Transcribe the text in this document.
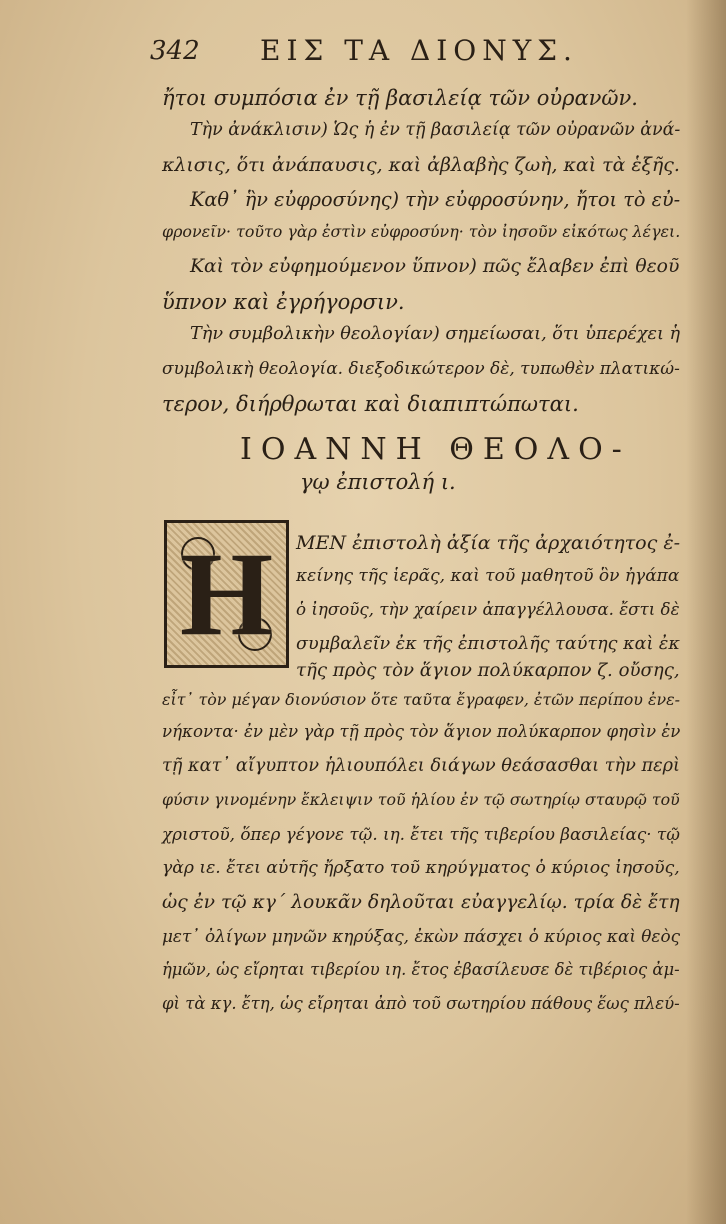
342 ΕΙΣ ΤΑ ΔΙΟΝΥΣ.
ἤτοι συμπόσια ἐν τῇ βασιλείᾳ τῶν οὐρανῶν.
Τὴν ἀνάκλισιν) Ὡς ἡ ἐν τῇ βασιλείᾳ τῶν οὐρανῶν ἀνά-
κλισις, ὅτι ἀνάπαυσις, καὶ ἀβλαβὴς ζωὴ, καὶ τὰ ἑξῆς.
Καθ᾽ ἣν εὐφροσύνης) τὴν εὐφροσύνην, ἤτοι τὸ εὐ-
φρονεῖν· τοῦτο γὰρ ἐστὶν εὐφροσύνη· τὸν ἰησοῦν εἰκότως λέγει.
Καὶ τὸν εὐφημούμενον ὕπνον) πῶς ἔλαβεν ἐπὶ θεοῦ
ὕπνον καὶ ἐγρήγορσιν.
Τὴν συμβολικὴν θεολογίαν) σημείωσαι, ὅτι ὑπερέχει ἡ
συμβολικὴ θεολογία. διεξοδικώτερον δὲ, τυπωθὲν πλατικώ-
τερον, διήρθρωται καὶ διαπιπτώπωται.
ΙΟΑΝΝΗ ΘΕΟΛΟ-
γῳ ἐπιστολή ι.
Η	ΜΕΝ ἐπιστολὴ ἀξία τῆς ἀρχαιότητος ἐ-
κείνης τῆς ἱερᾶς, καὶ τοῦ μαθητοῦ ὃν ἠγάπα
ὁ ἰησοῦς, τὴν χαίρειν ἀπαγγέλλουσα. ἔστι δὲ
συμβαλεῖν ἐκ τῆς ἐπιστολῆς ταύτης καὶ ἐκ
τῆς πρὸς τὸν ἅγιον πολύκαρπον ζ. οὔσης,
εἶτ᾽ τὸν μέγαν διονύσιον ὅτε ταῦτα ἔγραφεν, ἐτῶν περίπου ἐνε-
νήκοντα· ἐν μὲν γὰρ τῇ πρὸς τὸν ἅγιον πολύκαρπον φησὶν ἐν
τῇ κατ᾽ αἴγυπτον ἡλιουπόλει διάγων θεάσασθαι τὴν περὶ
φύσιν γινομένην ἔκλειψιν τοῦ ἡλίου ἐν τῷ σωτηρίῳ σταυρῷ τοῦ
χριστοῦ, ὅπερ γέγονε τῷ. ιη. ἔτει τῆς τιβερίου βασιλείας· τῷ
γὰρ ιε. ἔτει αὐτῆς ἤρξατο τοῦ κηρύγματος ὁ κύριος ἰησοῦς,
ὡς ἐν τῷ κγ΄ λουκᾶν δηλοῦται εὐαγγελίῳ. τρία δὲ ἔτη
μετ᾽ ὀλίγων μηνῶν κηρύξας, ἐκὼν πάσχει ὁ κύριος καὶ θεὸς
ἡμῶν, ὡς εἴρηται τιβερίου ιη. ἔτος ἐβασίλευσε δὲ τιβέριος ἀμ-
φὶ τὰ κγ. ἔτη, ὡς εἴρηται ἀπὸ τοῦ σωτηρίου πάθους ἕως πλεύ-
